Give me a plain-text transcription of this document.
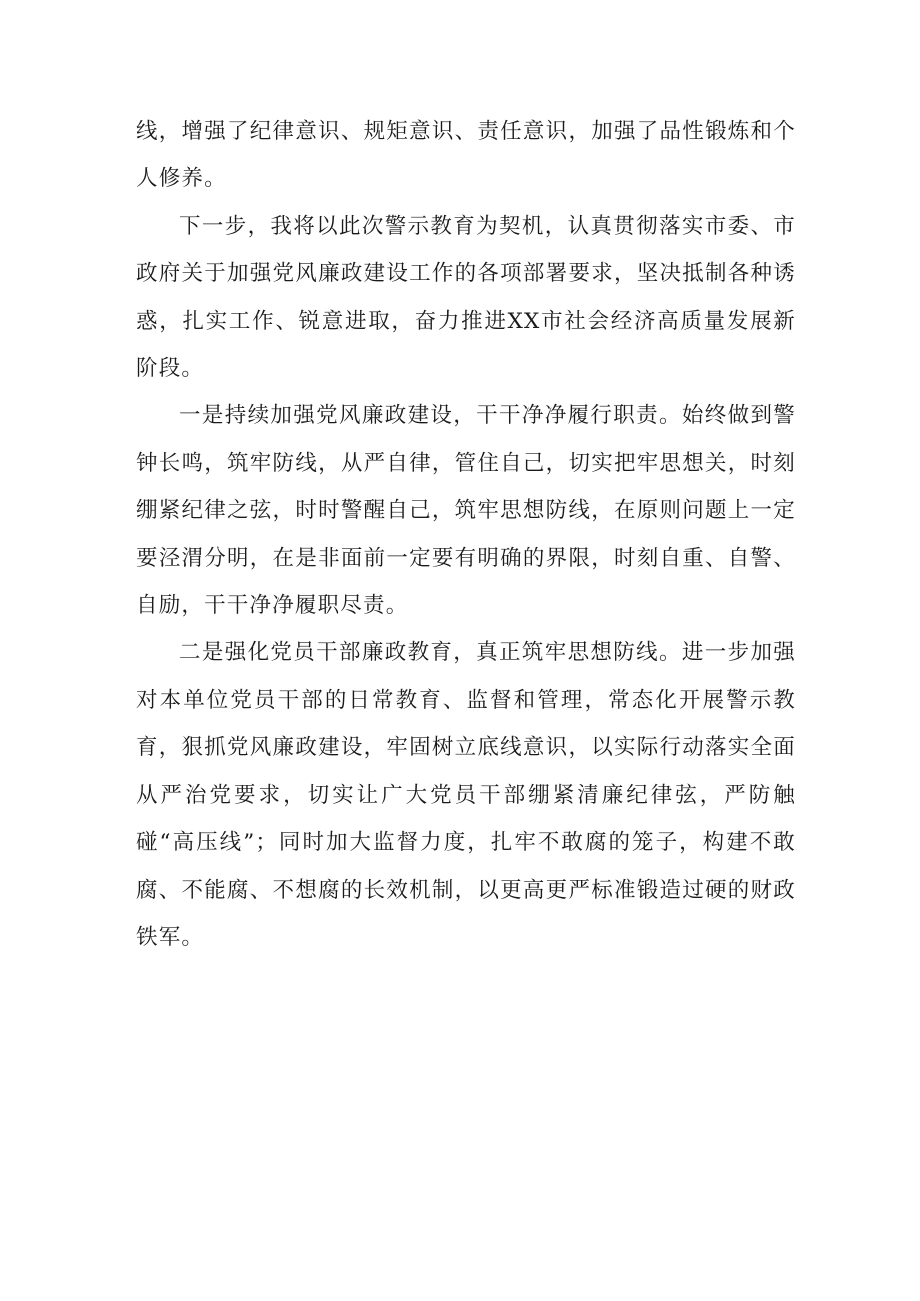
线，增强了纪律意识、规矩意识、责任意识，加强了品性锻炼和个人修养。

下一步，我将以此次警示教育为契机，认真贯彻落实市委、市政府关于加强党风廉政建设工作的各项部署要求，坚决抵制各种诱惑，扎实工作、锐意进取，奋力推进XX市社会经济高质量发展新阶段。

一是持续加强党风廉政建设，干干净净履行职责。始终做到警钟长鸣，筑牢防线，从严自律，管住自己，切实把牢思想关，时刻绷紧纪律之弦，时时警醒自己，筑牢思想防线，在原则问题上一定要泾渭分明，在是非面前一定要有明确的界限，时刻自重、自警、自励，干干净净履职尽责。

二是强化党员干部廉政教育，真正筑牢思想防线。进一步加强对本单位党员干部的日常教育、监督和管理，常态化开展警示教育，狠抓党风廉政建设，牢固树立底线意识，以实际行动落实全面从严治党要求，切实让广大党员干部绷紧清廉纪律弦，严防触碰“高压线”；同时加大监督力度，扎牢不敢腐的笼子，构建不敢腐、不能腐、不想腐的长效机制，以更高更严标准锻造过硬的财政铁军。
